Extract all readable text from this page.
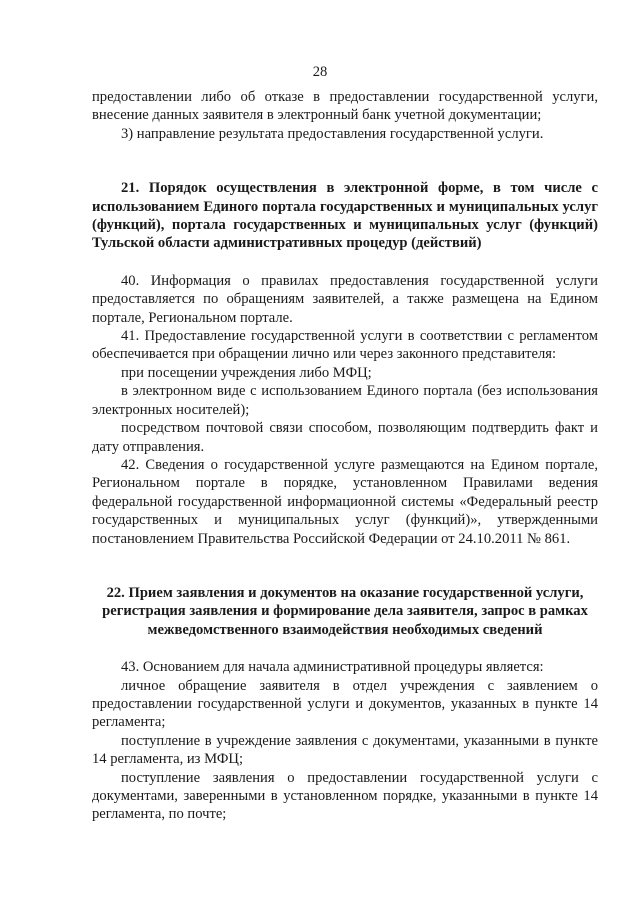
28

предоставлении либо об отказе в предоставлении государственной услуги, внесение данных заявителя в электронный банк учетной документации;

3) направление результата предоставления государственной услуги.

21. Порядок осуществления в электронной форме, в том числе с использованием Единого портала государственных и муниципальных услуг (функций), портала государственных и муниципальных услуг (функций) Тульской области административных процедур (действий)

40. Информация о правилах предоставления государственной услуги предоставляется по обращениям заявителей, а также размещена на Едином портале, Региональном портале.

41. Предоставление государственной услуги в соответствии с регламентом обеспечивается при обращении лично или через законного представителя:

при посещении учреждения либо МФЦ;

в электронном виде с использованием Единого портала (без использования электронных носителей);

посредством почтовой связи способом, позволяющим подтвердить факт и дату отправления.

42. Сведения о государственной услуге размещаются на Едином портале, Региональном портале в порядке, установленном Правилами ведения федеральной государственной информационной системы «Федеральный реестр государственных и муниципальных услуг (функций)», утвержденными постановлением Правительства Российской Федерации от 24.10.2011 № 861.

22. Прием заявления и документов на оказание государственной услуги, регистрация заявления и формирование дела заявителя, запрос в рамках межведомственного взаимодействия необходимых сведений

43. Основанием для начала административной процедуры является:

личное обращение заявителя в отдел учреждения с заявлением о предоставлении государственной услуги и документов, указанных в пункте 14 регламента;

поступление в учреждение заявления с документами, указанными в пункте 14 регламента, из МФЦ;

поступление заявления о предоставлении государственной услуги с документами, заверенными в установленном порядке, указанными в пункте 14 регламента, по почте;
